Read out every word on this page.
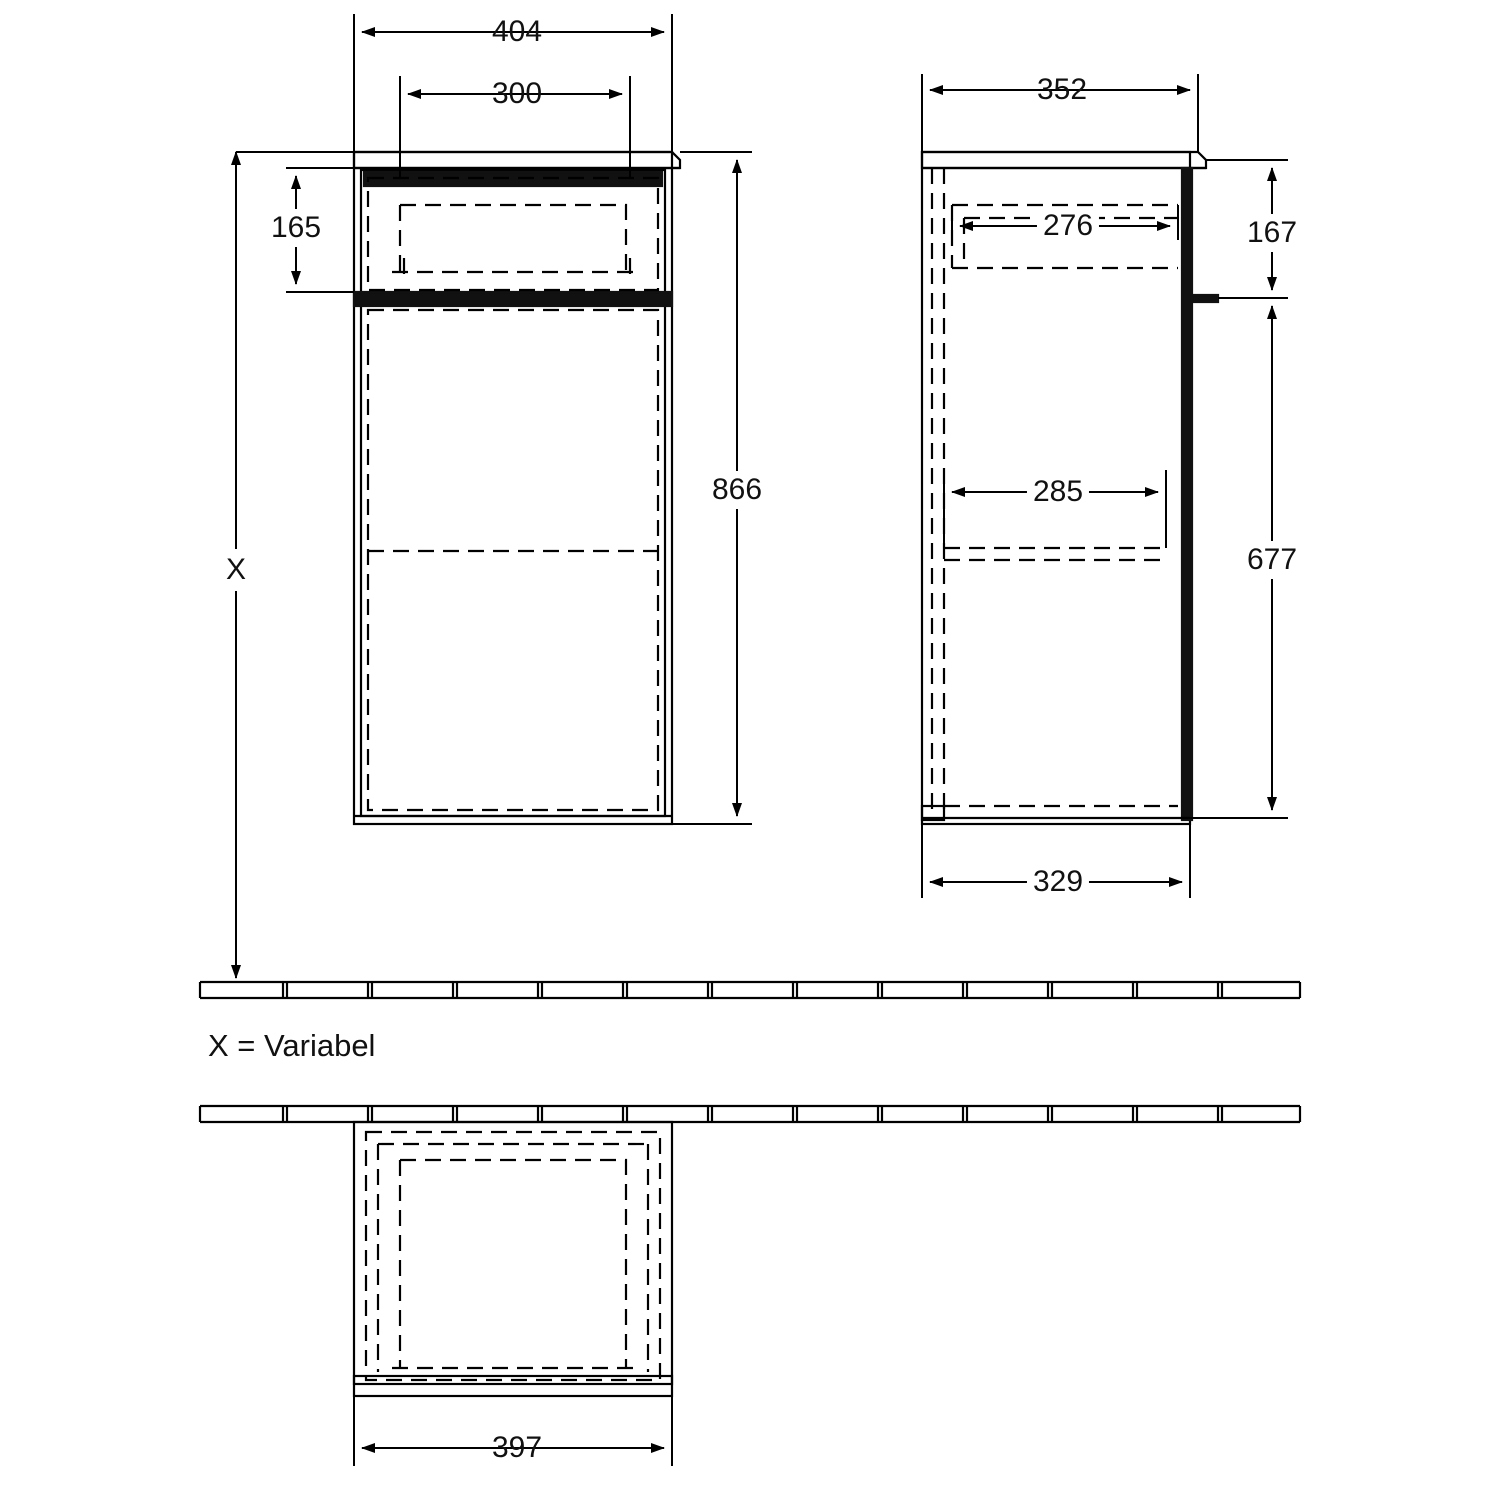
404
300
165
866
X
352
276
285
167
677
329
397
X = Variabel
